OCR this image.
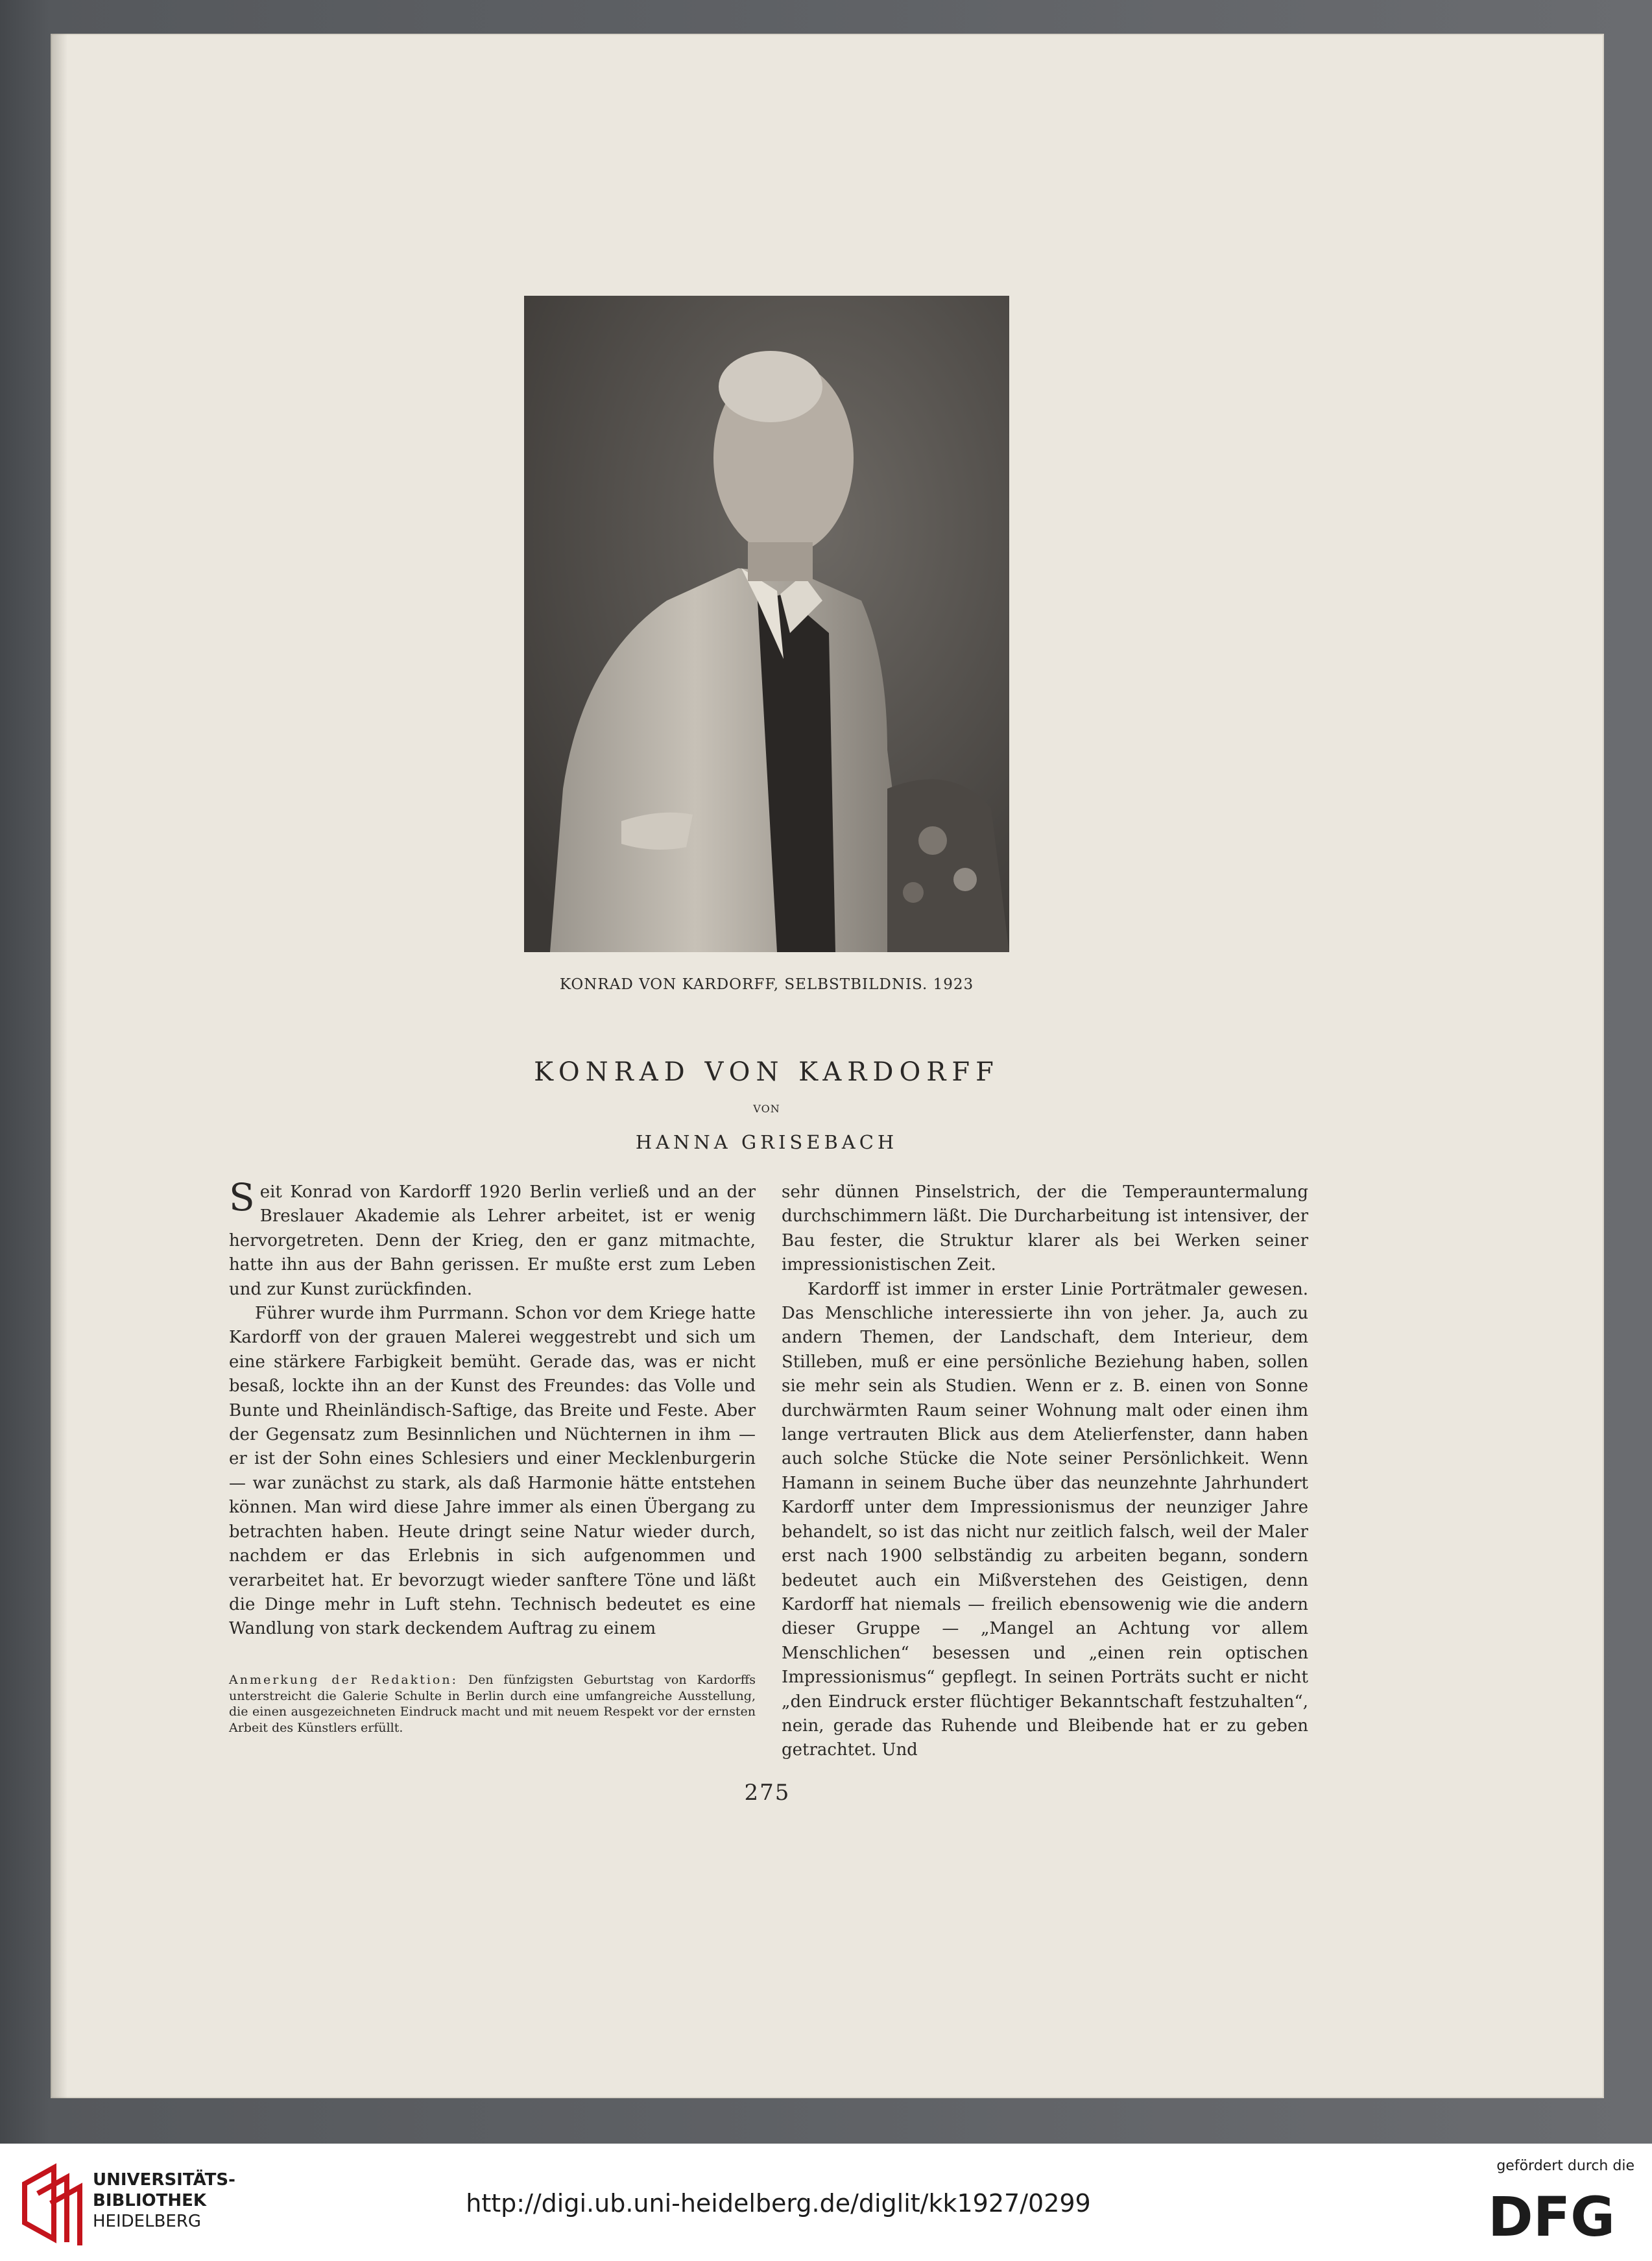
KONRAD VON KARDORFF, SELBSTBILDNIS. 1923
KONRAD VON KARDORFF
VON
HANNA GRISEBACH

Seit Konrad von Kardorff 1920 Berlin verließ und an der Breslauer Akademie als Lehrer arbeitet, ist er wenig hervorgetreten. Denn der Krieg, den er ganz mitmachte, hatte ihn aus der Bahn gerissen. Er mußte erst zum Leben und zur Kunst zurückfinden.

Führer wurde ihm Purrmann. Schon vor dem Kriege hatte Kardorff von der grauen Malerei weggestrebt und sich um eine stärkere Farbigkeit bemüht. Gerade das, was er nicht besaß, lockte ihn an der Kunst des Freundes: das Volle und Bunte und Rheinländisch-Saftige, das Breite und Feste. Aber der Gegensatz zum Besinnlichen und Nüchternen in ihm — er ist der Sohn eines Schlesiers und einer Mecklenburgerin — war zunächst zu stark, als daß Harmonie hätte entstehen können. Man wird diese Jahre immer als einen Übergang zu betrachten haben. Heute dringt seine Natur wieder durch, nachdem er das Erlebnis in sich aufgenommen und verarbeitet hat. Er bevorzugt wieder sanftere Töne und läßt die Dinge mehr in Luft stehn. Technisch bedeutet es eine Wandlung von stark deckendem Auftrag zu einem

Anmerkung der Redaktion: Den fünfzigsten Geburtstag von Kardorffs unterstreicht die Galerie Schulte in Berlin durch eine umfangreiche Ausstellung, die einen ausgezeichneten Eindruck macht und mit neuem Respekt vor der ernsten Arbeit des Künstlers erfüllt.

sehr dünnen Pinselstrich, der die Temperauntermalung durchschimmern läßt. Die Durcharbeitung ist intensiver, der Bau fester, die Struktur klarer als bei Werken seiner impressionistischen Zeit.

Kardorff ist immer in erster Linie Porträtmaler gewesen. Das Menschliche interessierte ihn von jeher. Ja, auch zu andern Themen, der Landschaft, dem Interieur, dem Stilleben, muß er eine persönliche Beziehung haben, sollen sie mehr sein als Studien. Wenn er z. B. einen von Sonne durchwärmten Raum seiner Wohnung malt oder einen ihm lange vertrauten Blick aus dem Atelierfenster, dann haben auch solche Stücke die Note seiner Persönlichkeit. Wenn Hamann in seinem Buche über das neunzehnte Jahrhundert Kardorff unter dem Impressionismus der neunziger Jahre behandelt, so ist das nicht nur zeitlich falsch, weil der Maler erst nach 1900 selbständig zu arbeiten begann, sondern bedeutet auch ein Mißverstehen des Geistigen, denn Kardorff hat niemals — freilich ebensowenig wie die andern dieser Gruppe — „Mangel an Achtung vor allem Menschlichen“ besessen und „einen rein optischen Impressionismus“ gepflegt. In seinen Porträts sucht er nicht „den Eindruck erster flüchtiger Bekanntschaft festzuhalten“, nein, gerade das Ruhende und Bleibende hat er zu geben getrachtet. Und

275
UNIVERSITÄTS-
BIBLIOTHEK
HEIDELBERG
http://digi.ub.uni-heidelberg.de/diglit/kk1927/0299
gefördert durch die
DFG
